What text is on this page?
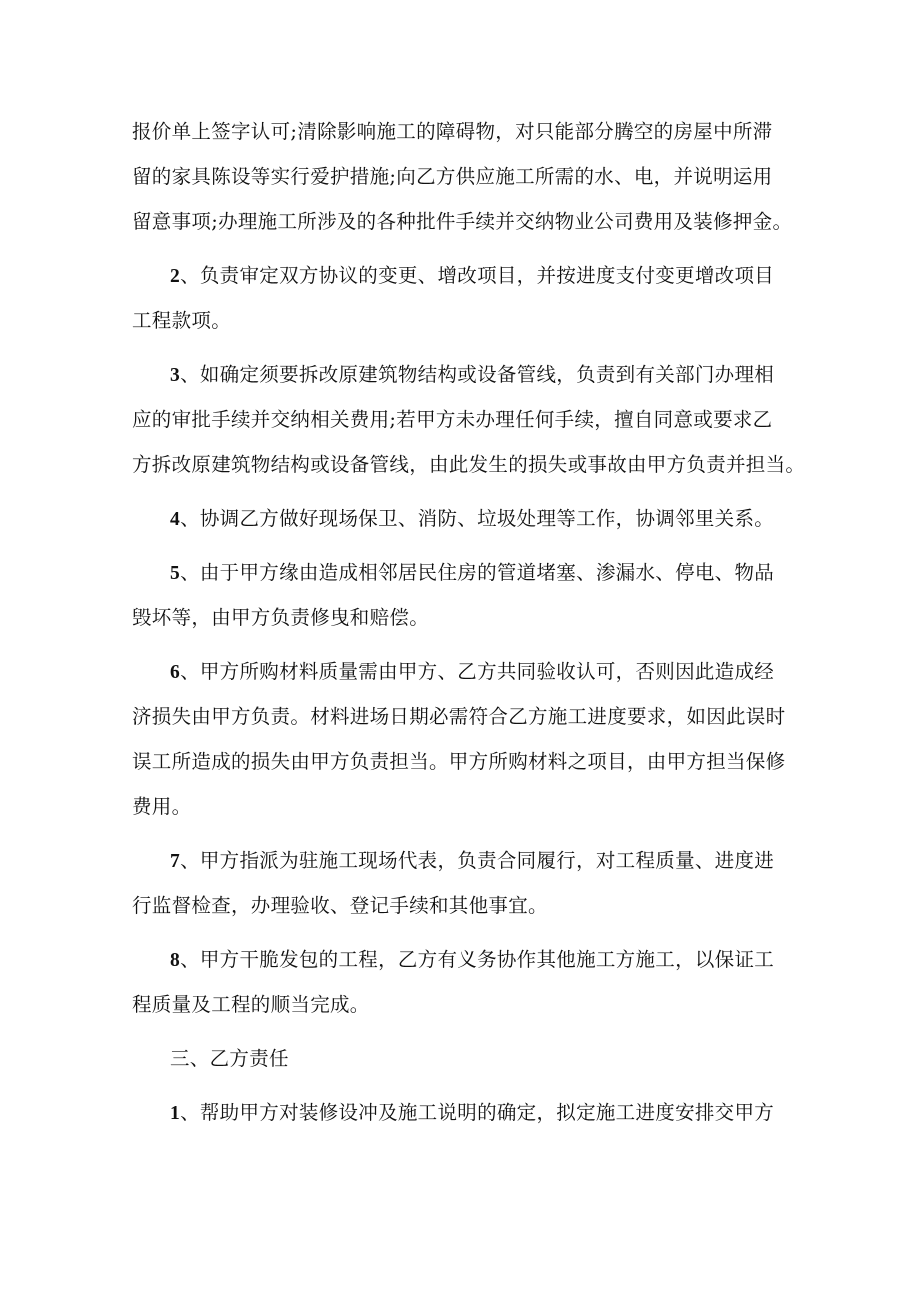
报价单上签字认可;清除影响施工的障碍物，对只能部分腾空的房屋中所滞
留的家具陈设等实行爱护措施;向乙方供应施工所需的水、电，并说明运用
留意事项;办理施工所涉及的各种批件手续并交纳物业公司费用及装修押金。
2、负责审定双方协议的变更、增改项目，并按进度支付变更增改项目
工程款项。
3、如确定须要拆改原建筑物结构或设备管线，负责到有关部门办理相
应的审批手续并交纳相关费用;若甲方未办理任何手续，擅自同意或要求乙
方拆改原建筑物结构或设备管线，由此发生的损失或事故由甲方负责并担当。
4、协调乙方做好现场保卫、消防、垃圾处理等工作，协调邻里关系。
5、由于甲方缘由造成相邻居民住房的管道堵塞、渗漏水、停电、物品
毁坏等，由甲方负责修曳和赔偿。
6、甲方所购材料质量需由甲方、乙方共同验收认可，否则因此造成经
济损失由甲方负责。材料进场日期必需符合乙方施工进度要求，如因此误时
误工所造成的损失由甲方负责担当。甲方所购材料之项目，由甲方担当保修
费用。
7、甲方指派为驻施工现场代表，负责合同履行，对工程质量、进度进
行监督检查，办理验收、登记手续和其他事宜。
8、甲方干脆发包的工程，乙方有义务协作其他施工方施工，以保证工
程质量及工程的顺当完成。
三、乙方责任
1、帮助甲方对装修设冲及施工说明的确定，拟定施工进度安排交甲方
